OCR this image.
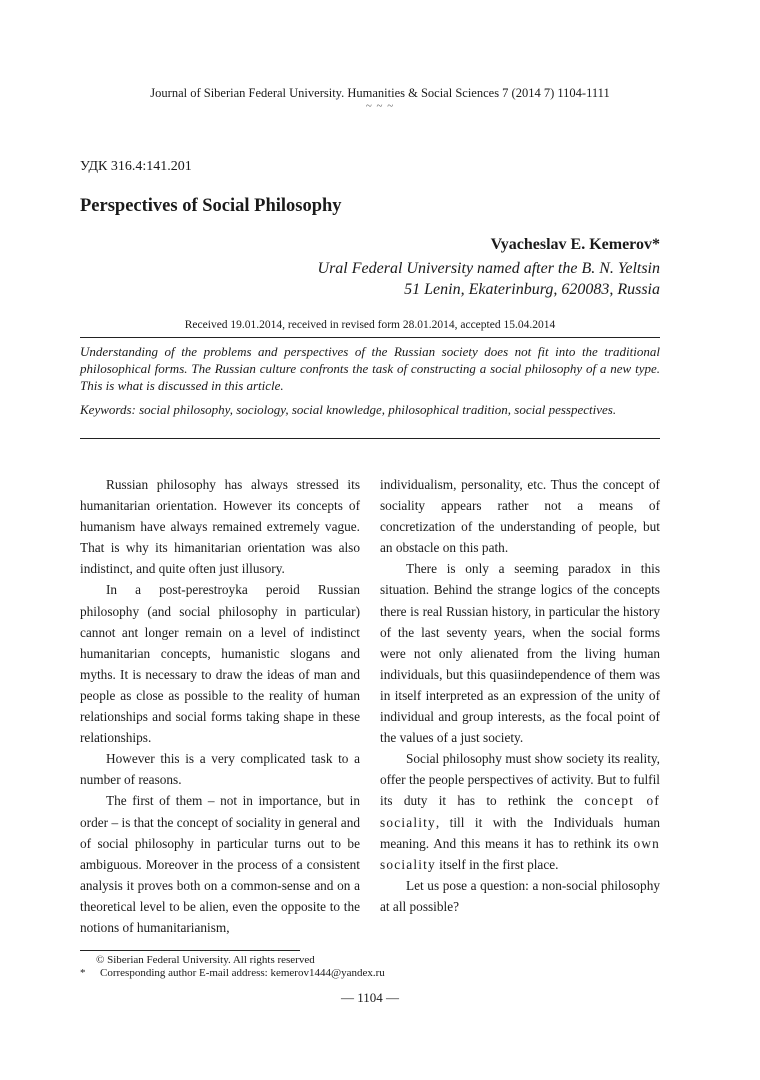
Journal of Siberian Federal University. Humanities & Social Sciences 7 (2014 7) 1104-1111
~ ~ ~
УДК 316.4:141.201
Perspectives of Social Philosophy
Vyacheslav E. Kemerov*
Ural Federal University named after the B. N. Yeltsin
51 Lenin, Ekaterinburg, 620083, Russia
Received 19.01.2014, received in revised form 28.01.2014, accepted 15.04.2014
Understanding of the problems and perspectives of the Russian society does not fit into the traditional philosophical forms. The Russian culture confronts the task of constructing a social philosophy of a new type. This is what is discussed in this article.
Keywords: social philosophy, sociology, social knowledge, philosophical tradition, social pesspectives.

Russian philosophy has always stressed its humanitarian orientation. However its concepts of humanism have always remained extremely vague. That is why its himanitarian orientation was also indistinct, and quite often just illusory.

In a post-perestroyka peroid Russian philosophy (and social philosophy in particular) cannot ant longer remain on a level of indistinct humanitarian concepts, humanistic slogans and myths. It is necessary to draw the ideas of man and people as close as possible to the reality of human relationships and social forms taking shape in these relationships.

However this is a very complicated task to a number of reasons.

The first of them – not in importance, but in order – is that the concept of sociality in general and of social philosophy in particular turns out to be ambiguous. Moreover in the process of a consistent analysis it proves both on a common-sense and on a theoretical level to be alien, even the opposite to the notions of humanitarianism,

individualism, personality, etc. Thus the concept of sociality appears rather not a means of concretization of the understanding of people, but an obstacle on this path.

There is only a seeming paradox in this situation. Behind the strange logics of the concepts there is real Russian history, in particular the history of the last seventy years, when the social forms were not only alienated from the living human individuals, but this quasiindependence of them was in itself interpreted as an expression of the unity of individual and group interests, as the focal point of the values of a just society.

Social philosophy must show society its reality, offer the people perspectives of activity. But to fulfil its duty it has to rethink the concept of sociality, till it with the Individuals human meaning. And this means it has to rethink its own sociality itself in the first place.

Let us pose a question: a non-social philosophy at all possible?

© Siberian Federal University. All rights reserved
* Corresponding author E-mail address: kemerov1444@yandex.ru
— 1104 —
